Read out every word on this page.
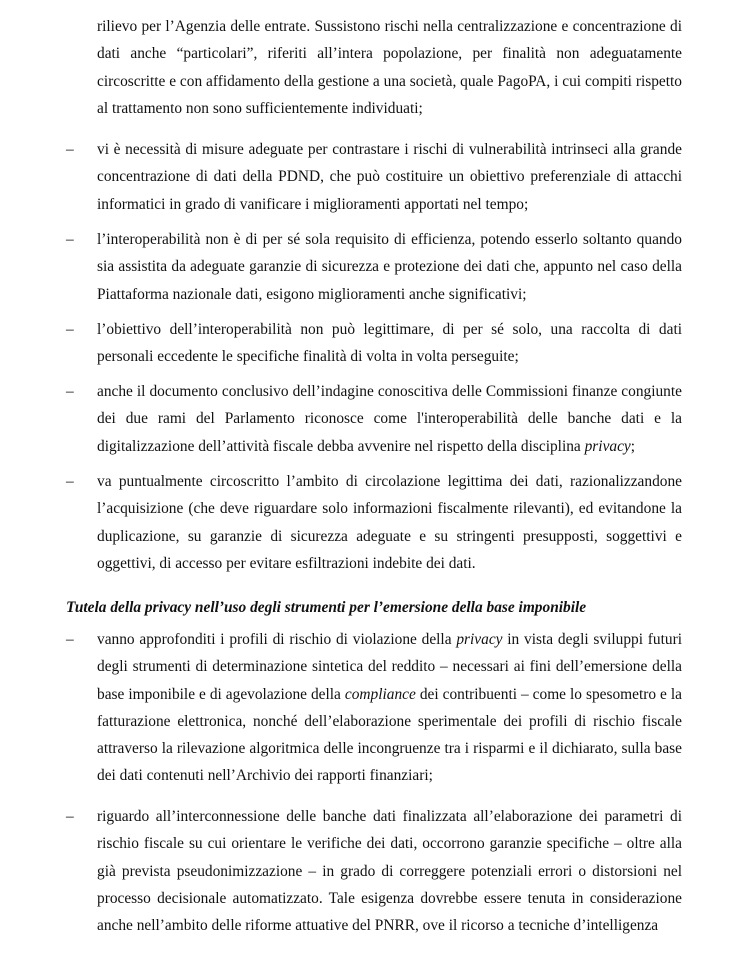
rilievo per l’Agenzia delle entrate. Sussistono rischi nella centralizzazione e concentrazione di dati anche “particolari”, riferiti all’intera popolazione, per finalità non adeguatamente circoscritte e con affidamento della gestione a una società, quale PagoPA, i cui compiti rispetto al trattamento non sono sufficientemente individuati;
– vi è necessità di misure adeguate per contrastare i rischi di vulnerabilità intrinseci alla grande concentrazione di dati della PDND, che può costituire un obiettivo preferenziale di attacchi informatici in grado di vanificare i miglioramenti apportati nel tempo;
– l’interoperabilità non è di per sé sola requisito di efficienza, potendo esserlo soltanto quando sia assistita da adeguate garanzie di sicurezza e protezione dei dati che, appunto nel caso della Piattaforma nazionale dati, esigono miglioramenti anche significativi;
– l’obiettivo dell’interoperabilità non può legittimare, di per sé solo, una raccolta di dati personali eccedente le specifiche finalità di volta in volta perseguite;
– anche il documento conclusivo dell’indagine conoscitiva delle Commissioni finanze congiunte dei due rami del Parlamento riconosce come l'interoperabilità delle banche dati e la digitalizzazione dell’attività fiscale debba avvenire nel rispetto della disciplina privacy;
– va puntualmente circoscritto l’ambito di circolazione legittima dei dati, razionalizzandone l’acquisizione (che deve riguardare solo informazioni fiscalmente rilevanti), ed evitandone la duplicazione, su garanzie di sicurezza adeguate e su stringenti presupposti, soggettivi e oggettivi, di accesso per evitare esfiltrazioni indebite dei dati.
Tutela della privacy nell’uso degli strumenti per l’emersione della base imponibile
– vanno approfonditi i profili di rischio di violazione della privacy in vista degli sviluppi futuri degli strumenti di determinazione sintetica del reddito – necessari ai fini dell’emersione della base imponibile e di agevolazione della compliance dei contribuenti – come lo spesometro e la fatturazione elettronica, nonché dell’elaborazione sperimentale dei profili di rischio fiscale attraverso la rilevazione algoritmica delle incongruenze tra i risparmi e il dichiarato, sulla base dei dati contenuti nell’Archivio dei rapporti finanziari;
– riguardo all’interconnessione delle banche dati finalizzata all’elaborazione dei parametri di rischio fiscale su cui orientare le verifiche dei dati, occorrono garanzie specifiche – oltre alla già prevista pseudonimizzazione – in grado di correggere potenziali errori o distorsioni nel processo decisionale automatizzato. Tale esigenza dovrebbe essere tenuta in considerazione anche nell’ambito delle riforme attuative del PNRR, ove il ricorso a tecniche d’intelligenza
